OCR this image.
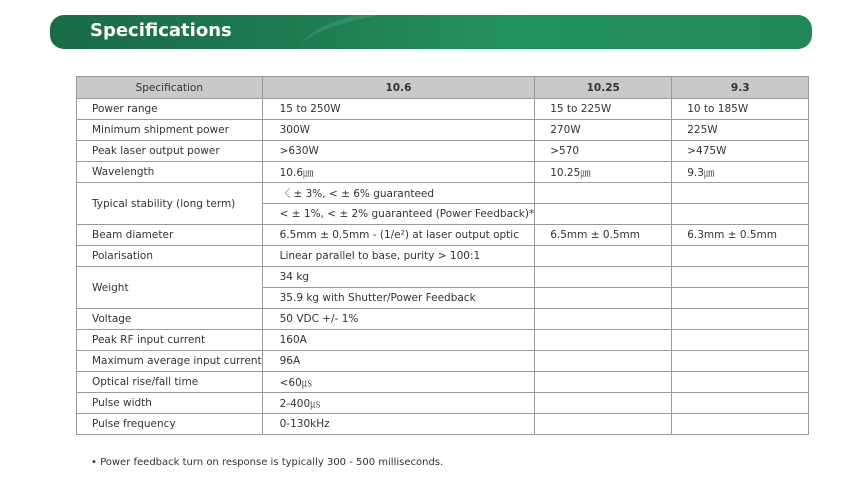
Specifications
Specification	10.6	10.25	9.3
Power range	15 to 250W	15 to 225W	10 to 185W
Minimum shipment power	300W	270W	225W
Peak laser output power	>630W	>570	>475W
Wavelength	10.6㎛	10.25㎛	9.3㎛
Typical stability (long term)	〈 ± 3%, < ± 6% guaranteed		
	< ± 1%, < ± 2% guaranteed (Power Feedback)*		
Beam diameter	6.5mm ± 0.5mm - (1/e²) at laser output optic	6.5mm ± 0.5mm	6.3mm ± 0.5mm
Polarisation	Linear parallel to base, purity > 100:1		
Weight	34 kg		
	35.9 kg with Shutter/Power Feedback		
Voltage	50 VDC +/- 1%		
Peak RF input current	160A		
Maximum average input current	96A		
Optical rise/fall time	<60㎲		
Pulse width	2-400㎲		
Pulse frequency	0-130kHz		
• Power feedback turn on response is typically 300 - 500 milliseconds.
